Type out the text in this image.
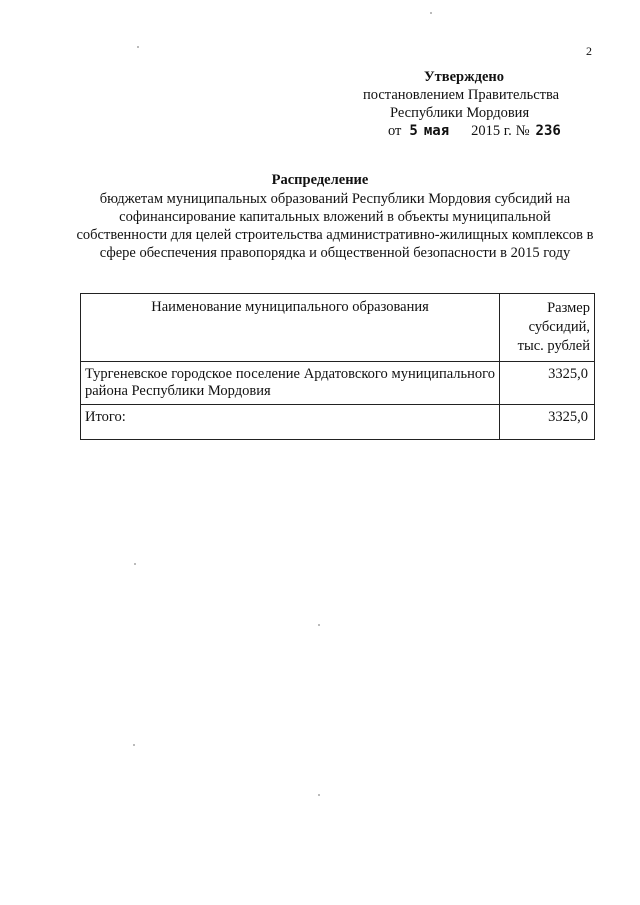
2
Утверждено
постановлением Правительства
Республики Мордовия
от 5 мая 2015 г. № 236
Распределение
бюджетам муниципальных образований Республики Мордовия субсидий на софинансирование капитальных вложений в объекты муниципальной собственности для целей строительства административно-жилищных комплексов в сфере обеспечения правопорядка и общественной безопасности в 2015 году
Наименование муниципального образования	Размер
субсидий,
тыс. рублей

Тургеневское городское поселение Ардатовского муниципального района Республики Мордовия	3325,0
Итого:	3325,0
